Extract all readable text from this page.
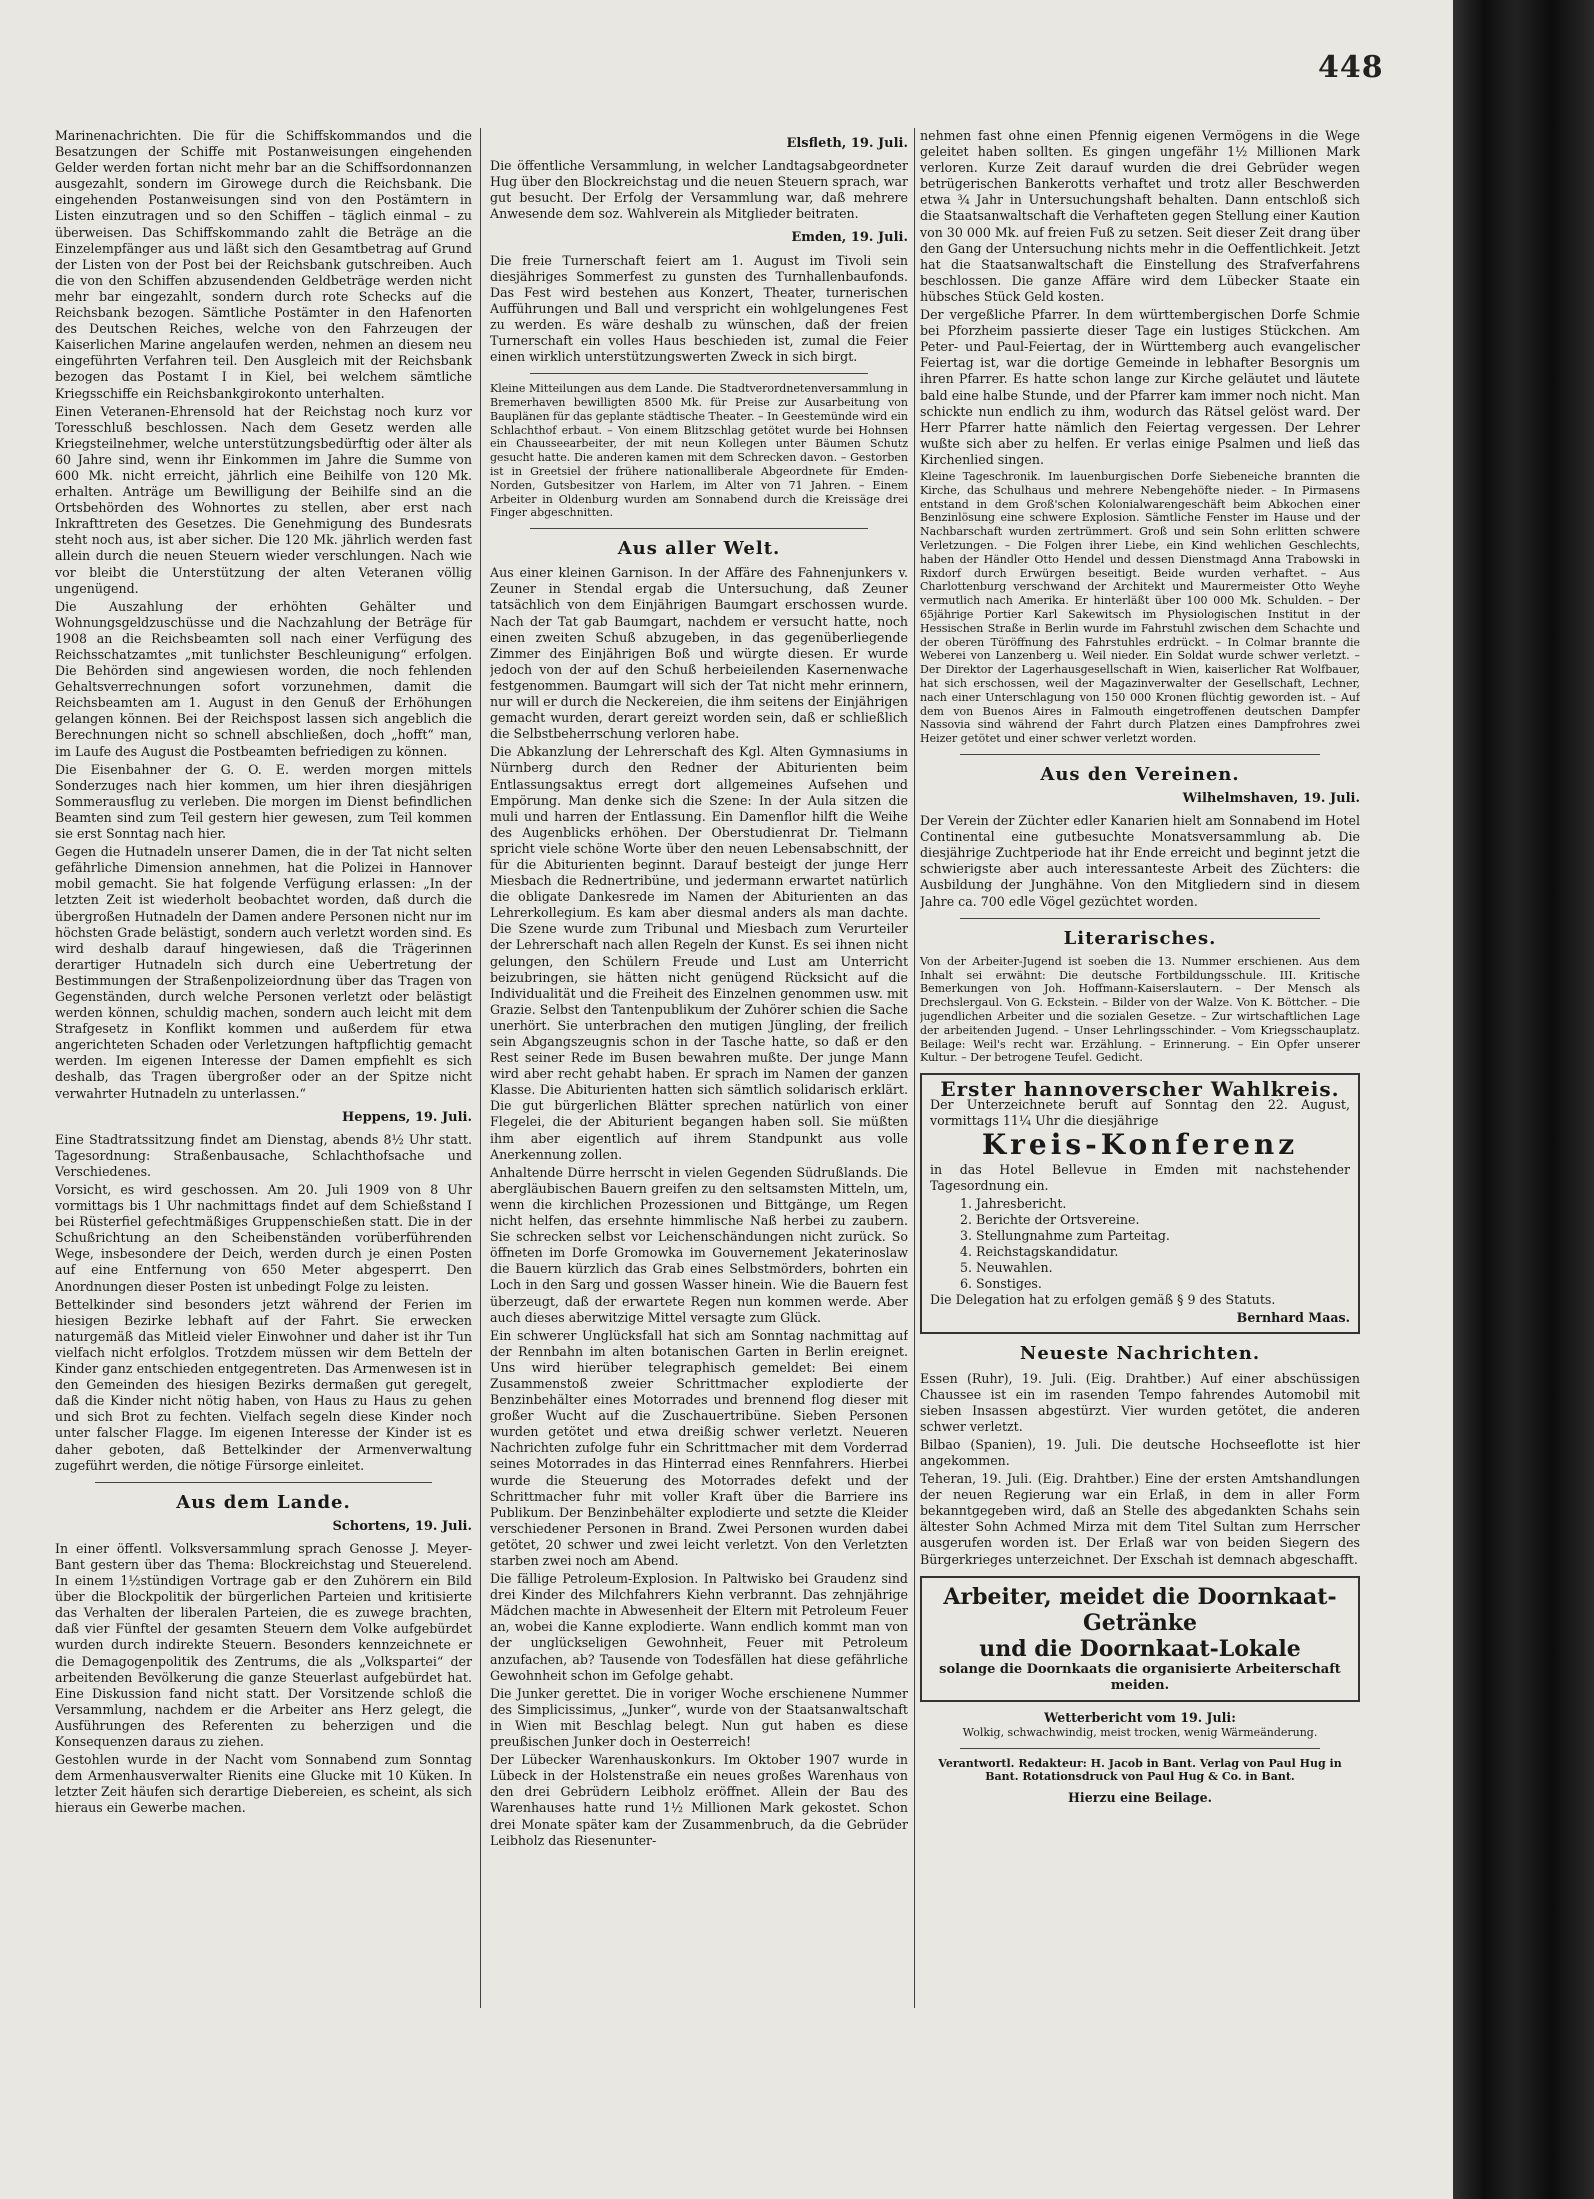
448

Marinenachrichten. Die für die Schiffskommandos und die Besatzungen der Schiffe mit Postanweisungen eingehenden Gelder werden fortan nicht mehr bar an die Schiffsordonnanzen ausgezahlt, sondern im Girowege durch die Reichsbank. Die eingehenden Postanweisungen sind von den Postämtern in Listen einzutragen und so den Schiffen – täglich einmal – zu überweisen. Das Schiffskommando zahlt die Beträge an die Einzelempfänger aus und läßt sich den Gesamtbetrag auf Grund der Listen von der Post bei der Reichsbank gutschreiben. Auch die von den Schiffen abzusendenden Geldbeträge werden nicht mehr bar eingezahlt, sondern durch rote Schecks auf die Reichsbank bezogen. Sämtliche Postämter in den Hafenorten des Deutschen Reiches, welche von den Fahrzeugen der Kaiserlichen Marine angelaufen werden, nehmen an diesem neu eingeführten Verfahren teil. Den Ausgleich mit der Reichsbank bezogen das Postamt I in Kiel, bei welchem sämtliche Kriegsschiffe ein Reichsbankgirokonto unterhalten.

Einen Veteranen-Ehrensold hat der Reichstag noch kurz vor Toresschluß beschlossen. Nach dem Gesetz werden alle Kriegsteilnehmer, welche unterstützungsbedürftig oder älter als 60 Jahre sind, wenn ihr Einkommen im Jahre die Summe von 600 Mk. nicht erreicht, jährlich eine Beihilfe von 120 Mk. erhalten. Anträge um Bewilligung der Beihilfe sind an die Ortsbehörden des Wohnortes zu stellen, aber erst nach Inkrafttreten des Gesetzes. Die Genehmigung des Bundesrats steht noch aus, ist aber sicher. Die 120 Mk. jährlich werden fast allein durch die neuen Steuern wieder verschlungen. Nach wie vor bleibt die Unterstützung der alten Veteranen völlig ungenügend.

Die Auszahlung der erhöhten Gehälter und Wohnungsgeldzuschüsse und die Nachzahlung der Beträge für 1908 an die Reichsbeamten soll nach einer Verfügung des Reichsschatzamtes „mit tunlichster Beschleunigung“ erfolgen. Die Behörden sind angewiesen worden, die noch fehlenden Gehaltsverrechnungen sofort vorzunehmen, damit die Reichsbeamten am 1. August in den Genuß der Erhöhungen gelangen können. Bei der Reichspost lassen sich angeblich die Berechnungen nicht so schnell abschließen, doch „hofft“ man, im Laufe des August die Postbeamten befriedigen zu können.

Die Eisenbahner der G. O. E. werden morgen mittels Sonderzuges nach hier kommen, um hier ihren diesjährigen Sommerausflug zu verleben. Die morgen im Dienst befindlichen Beamten sind zum Teil gestern hier gewesen, zum Teil kommen sie erst Sonntag nach hier.

Gegen die Hutnadeln unserer Damen, die in der Tat nicht selten gefährliche Dimension annehmen, hat die Polizei in Hannover mobil gemacht. Sie hat folgende Verfügung erlassen: „In der letzten Zeit ist wiederholt beobachtet worden, daß durch die übergroßen Hutnadeln der Damen andere Personen nicht nur im höchsten Grade belästigt, sondern auch verletzt worden sind. Es wird deshalb darauf hingewiesen, daß die Trägerinnen derartiger Hutnadeln sich durch eine Uebertretung der Bestimmungen der Straßenpolizeiordnung über das Tragen von Gegenständen, durch welche Personen verletzt oder belästigt werden können, schuldig machen, sondern auch leicht mit dem Strafgesetz in Konflikt kommen und außerdem für etwa angerichteten Schaden oder Verletzungen haftpflichtig gemacht werden. Im eigenen Interesse der Damen empfiehlt es sich deshalb, das Tragen übergroßer oder an der Spitze nicht verwahrter Hutnadeln zu unterlassen.“

Heppens, 19. Juli.

Eine Stadtratssitzung findet am Dienstag, abends 8½ Uhr statt. Tagesordnung: Straßenbausache, Schlachthofsache und Verschiedenes.

Vorsicht, es wird geschossen. Am 20. Juli 1909 von 8 Uhr vormittags bis 1 Uhr nachmittags findet auf dem Schießstand I bei Rüsterfiel gefechtmäßiges Gruppenschießen statt. Die in der Schußrichtung an den Scheibenständen vorüberführenden Wege, insbesondere der Deich, werden durch je einen Posten auf eine Entfernung von 650 Meter abgesperrt. Den Anordnungen dieser Posten ist unbedingt Folge zu leisten.

Bettelkinder sind besonders jetzt während der Ferien im hiesigen Bezirke lebhaft auf der Fahrt. Sie erwecken naturgemäß das Mitleid vieler Einwohner und daher ist ihr Tun vielfach nicht erfolglos. Trotzdem müssen wir dem Betteln der Kinder ganz entschieden entgegentreten. Das Armenwesen ist in den Gemeinden des hiesigen Bezirks dermaßen gut geregelt, daß die Kinder nicht nötig haben, von Haus zu Haus zu gehen und sich Brot zu fechten. Vielfach segeln diese Kinder noch unter falscher Flagge. Im eigenen Interesse der Kinder ist es daher geboten, daß Bettelkinder der Armenverwaltung zugeführt werden, die nötige Fürsorge einleitet.

Aus dem Lande.
Schortens, 19. Juli.

In einer öffentl. Volksversammlung sprach Genosse J. Meyer-Bant gestern über das Thema: Blockreichstag und Steuerelend. In einem 1½stündigen Vortrage gab er den Zuhörern ein Bild über die Blockpolitik der bürgerlichen Parteien und kritisierte das Verhalten der liberalen Parteien, die es zuwege brachten, daß vier Fünftel der gesamten Steuern dem Volke aufgebürdet wurden durch indirekte Steuern. Besonders kennzeichnete er die Demagogenpolitik des Zentrums, die als „Volkspartei“ der arbeitenden Bevölkerung die ganze Steuerlast aufgebürdet hat. Eine Diskussion fand nicht statt. Der Vorsitzende schloß die Versammlung, nachdem er die Arbeiter ans Herz gelegt, die Ausführungen des Referenten zu beherzigen und die Konsequenzen daraus zu ziehen.

Gestohlen wurde in der Nacht vom Sonnabend zum Sonntag dem Armenhausverwalter Rienits eine Glucke mit 10 Küken. In letzter Zeit häufen sich derartige Diebereien, es scheint, als sich hieraus ein Gewerbe machen.

Elsfleth, 19. Juli.

Die öffentliche Versammlung, in welcher Landtagsabgeordneter Hug über den Blockreichstag und die neuen Steuern sprach, war gut besucht. Der Erfolg der Versammlung war, daß mehrere Anwesende dem soz. Wahlverein als Mitglieder beitraten.

Emden, 19. Juli.

Die freie Turnerschaft feiert am 1. August im Tivoli sein diesjähriges Sommerfest zu gunsten des Turnhallenbaufonds. Das Fest wird bestehen aus Konzert, Theater, turnerischen Aufführungen und Ball und verspricht ein wohlgelungenes Fest zu werden. Es wäre deshalb zu wünschen, daß der freien Turnerschaft ein volles Haus beschieden ist, zumal die Feier einen wirklich unterstützungswerten Zweck in sich birgt.

Kleine Mitteilungen aus dem Lande. Die Stadtverordnetenversammlung in Bremerhaven bewilligten 8500 Mk. für Preise zur Ausarbeitung von Bauplänen für das geplante städtische Theater. – In Geestemünde wird ein Schlachthof erbaut. – Von einem Blitzschlag getötet wurde bei Hohnsen ein Chausseearbeiter, der mit neun Kollegen unter Bäumen Schutz gesucht hatte. Die anderen kamen mit dem Schrecken davon. – Gestorben ist in Greetsiel der frühere nationalliberale Abgeordnete für Emden-Norden, Gutsbesitzer von Harlem, im Alter von 71 Jahren. – Einem Arbeiter in Oldenburg wurden am Sonnabend durch die Kreissäge drei Finger abgeschnitten.

Aus aller Welt.

Aus einer kleinen Garnison. In der Affäre des Fahnenjunkers v. Zeuner in Stendal ergab die Untersuchung, daß Zeuner tatsächlich von dem Einjährigen Baumgart erschossen wurde. Nach der Tat gab Baumgart, nachdem er versucht hatte, noch einen zweiten Schuß abzugeben, in das gegenüberliegende Zimmer des Einjährigen Boß und würgte diesen. Er wurde jedoch von der auf den Schuß herbeieilenden Kasernenwache festgenommen. Baumgart will sich der Tat nicht mehr erinnern, nur will er durch die Neckereien, die ihm seitens der Einjährigen gemacht wurden, derart gereizt worden sein, daß er schließlich die Selbstbeherrschung verloren habe.

Die Abkanzlung der Lehrerschaft des Kgl. Alten Gymnasiums in Nürnberg durch den Redner der Abiturienten beim Entlassungsaktus erregt dort allgemeines Aufsehen und Empörung. Man denke sich die Szene: In der Aula sitzen die muli und harren der Entlassung. Ein Damenflor hilft die Weihe des Augenblicks erhöhen. Der Oberstudienrat Dr. Tielmann spricht viele schöne Worte über den neuen Lebensabschnitt, der für die Abiturienten beginnt. Darauf besteigt der junge Herr Miesbach die Rednertribüne, und jedermann erwartet natürlich die obligate Dankesrede im Namen der Abiturienten an das Lehrerkollegium. Es kam aber diesmal anders als man dachte. Die Szene wurde zum Tribunal und Miesbach zum Verurteiler der Lehrerschaft nach allen Regeln der Kunst. Es sei ihnen nicht gelungen, den Schülern Freude und Lust am Unterricht beizubringen, sie hätten nicht genügend Rücksicht auf die Individualität und die Freiheit des Einzelnen genommen usw. mit Grazie. Selbst den Tantenpublikum der Zuhörer schien die Sache unerhört. Sie unterbrachen den mutigen Jüngling, der freilich sein Abgangszeugnis schon in der Tasche hatte, so daß er den Rest seiner Rede im Busen bewahren mußte. Der junge Mann wird aber recht gehabt haben. Er sprach im Namen der ganzen Klasse. Die Abiturienten hatten sich sämtlich solidarisch erklärt. Die gut bürgerlichen Blätter sprechen natürlich von einer Flegelei, die der Abiturient begangen haben soll. Sie müßten ihm aber eigentlich auf ihrem Standpunkt aus volle Anerkennung zollen.

Anhaltende Dürre herrscht in vielen Gegenden Südrußlands. Die abergläubischen Bauern greifen zu den seltsamsten Mitteln, um, wenn die kirchlichen Prozessionen und Bittgänge, um Regen nicht helfen, das ersehnte himmlische Naß herbei zu zaubern. Sie schrecken selbst vor Leichenschändungen nicht zurück. So öffneten im Dorfe Gromowka im Gouvernement Jekaterinoslaw die Bauern kürzlich das Grab eines Selbstmörders, bohrten ein Loch in den Sarg und gossen Wasser hinein. Wie die Bauern fest überzeugt, daß der erwartete Regen nun kommen werde. Aber auch dieses aberwitzige Mittel versagte zum Glück.

Ein schwerer Unglücksfall hat sich am Sonntag nachmittag auf der Rennbahn im alten botanischen Garten in Berlin ereignet. Uns wird hierüber telegraphisch gemeldet: Bei einem Zusammenstoß zweier Schrittmacher explodierte der Benzinbehälter eines Motorrades und brennend flog dieser mit großer Wucht auf die Zuschauertribüne. Sieben Personen wurden getötet und etwa dreißig schwer verletzt. Neueren Nachrichten zufolge fuhr ein Schrittmacher mit dem Vorderrad seines Motorrades in das Hinterrad eines Rennfahrers. Hierbei wurde die Steuerung des Motorrades defekt und der Schrittmacher fuhr mit voller Kraft über die Barriere ins Publikum. Der Benzinbehälter explodierte und setzte die Kleider verschiedener Personen in Brand. Zwei Personen wurden dabei getötet, 20 schwer und zwei leicht verletzt. Von den Verletzten starben zwei noch am Abend.

Die fällige Petroleum-Explosion. In Paltwisko bei Graudenz sind drei Kinder des Milchfahrers Kiehn verbrannt. Das zehnjährige Mädchen machte in Abwesenheit der Eltern mit Petroleum Feuer an, wobei die Kanne explodierte. Wann endlich kommt man von der unglückseligen Gewohnheit, Feuer mit Petroleum anzufachen, ab? Tausende von Todesfällen hat diese gefährliche Gewohnheit schon im Gefolge gehabt.

Die Junker gerettet. Die in voriger Woche erschienene Nummer des Simplicissimus, „Junker“, wurde von der Staatsanwaltschaft in Wien mit Beschlag belegt. Nun gut haben es diese preußischen Junker doch in Oesterreich!

Der Lübecker Warenhauskonkurs. Im Oktober 1907 wurde in Lübeck in der Holstenstraße ein neues großes Warenhaus von den drei Gebrüdern Leibholz eröffnet. Allein der Bau des Warenhauses hatte rund 1½ Millionen Mark gekostet. Schon drei Monate später kam der Zusammenbruch, da die Gebrüder Leibholz das Riesenunter-

nehmen fast ohne einen Pfennig eigenen Vermögens in die Wege geleitet haben sollten. Es gingen ungefähr 1½ Millionen Mark verloren. Kurze Zeit darauf wurden die drei Gebrüder wegen betrügerischen Bankerotts verhaftet und trotz aller Beschwerden etwa ¾ Jahr in Untersuchungshaft behalten. Dann entschloß sich die Staatsanwaltschaft die Verhafteten gegen Stellung einer Kaution von 30 000 Mk. auf freien Fuß zu setzen. Seit dieser Zeit drang über den Gang der Untersuchung nichts mehr in die Oeffentlichkeit. Jetzt hat die Staatsanwaltschaft die Einstellung des Strafverfahrens beschlossen. Die ganze Affäre wird dem Lübecker Staate ein hübsches Stück Geld kosten.

Der vergeßliche Pfarrer. In dem württembergischen Dorfe Schmie bei Pforzheim passierte dieser Tage ein lustiges Stückchen. Am Peter- und Paul-Feiertag, der in Württemberg auch evangelischer Feiertag ist, war die dortige Gemeinde in lebhafter Besorgnis um ihren Pfarrer. Es hatte schon lange zur Kirche geläutet und läutete bald eine halbe Stunde, und der Pfarrer kam immer noch nicht. Man schickte nun endlich zu ihm, wodurch das Rätsel gelöst ward. Der Herr Pfarrer hatte nämlich den Feiertag vergessen. Der Lehrer wußte sich aber zu helfen. Er verlas einige Psalmen und ließ das Kirchenlied singen.

Kleine Tageschronik. Im lauenburgischen Dorfe Siebeneiche brannten die Kirche, das Schulhaus und mehrere Nebengehöfte nieder. – In Pirmasens entstand in dem Groß'schen Kolonialwarengeschäft beim Abkochen einer Benzinlösung eine schwere Explosion. Sämtliche Fenster im Hause und der Nachbarschaft wurden zertrümmert. Groß und sein Sohn erlitten schwere Verletzungen. – Die Folgen ihrer Liebe, ein Kind wehlichen Geschlechts, haben der Händler Otto Hendel und dessen Dienstmagd Anna Trabowski in Rixdorf durch Erwürgen beseitigt. Beide wurden verhaftet. – Aus Charlottenburg verschwand der Architekt und Maurermeister Otto Weyhe vermutlich nach Amerika. Er hinterläßt über 100 000 Mk. Schulden. – Der 65jährige Portier Karl Sakewitsch im Physiologischen Institut in der Hessischen Straße in Berlin wurde im Fahrstuhl zwischen dem Schachte und der oberen Türöffnung des Fahrstuhles erdrückt. – In Colmar brannte die Weberei von Lanzenberg u. Weil nieder. Ein Soldat wurde schwer verletzt. – Der Direktor der Lagerhausgesellschaft in Wien, kaiserlicher Rat Wolfbauer, hat sich erschossen, weil der Magazinverwalter der Gesellschaft, Lechner, nach einer Unterschlagung von 150 000 Kronen flüchtig geworden ist. – Auf dem von Buenos Aires in Falmouth eingetroffenen deutschen Dampfer Nassovia sind während der Fahrt durch Platzen eines Dampfrohres zwei Heizer getötet und einer schwer verletzt worden.

Aus den Vereinen.
Wilhelmshaven, 19. Juli.

Der Verein der Züchter edler Kanarien hielt am Sonnabend im Hotel Continental eine gutbesuchte Monatsversammlung ab. Die diesjährige Zuchtperiode hat ihr Ende erreicht und beginnt jetzt die schwierigste aber auch interessanteste Arbeit des Züchters: die Ausbildung der Junghähne. Von den Mitgliedern sind in diesem Jahre ca. 700 edle Vögel gezüchtet worden.

Literarisches.

Von der Arbeiter-Jugend ist soeben die 13. Nummer erschienen. Aus dem Inhalt sei erwähnt: Die deutsche Fortbildungsschule. III. Kritische Bemerkungen von Joh. Hoffmann-Kaiserslautern. – Der Mensch als Drechslergaul. Von G. Eckstein. – Bilder von der Walze. Von K. Böttcher. – Die jugendlichen Arbeiter und die sozialen Gesetze. – Zur wirtschaftlichen Lage der arbeitenden Jugend. – Unser Lehrlingsschinder. – Vom Kriegsschauplatz. Beilage: Weil's recht war. Erzählung. – Erinnerung. – Ein Opfer unserer Kultur. – Der betrogene Teufel. Gedicht.

Erster hannoverscher Wahlkreis.

Der Unterzeichnete beruft auf Sonntag den 22. August, vormittags 11¼ Uhr die diesjährige

Kreis-Konferenz

in das Hotel Bellevue in Emden mit nachstehender Tagesordnung ein.

1. Jahresbericht.
2. Berichte der Ortsvereine.
3. Stellungnahme zum Parteitag.
4. Reichstagskandidatur.
5. Neuwahlen.
6. Sonstiges.

Die Delegation hat zu erfolgen gemäß § 9 des Statuts.

Bernhard Maas.
Neueste Nachrichten.

Essen (Ruhr), 19. Juli. (Eig. Drahtber.) Auf einer abschüssigen Chaussee ist ein im rasenden Tempo fahrendes Automobil mit sieben Insassen abgestürzt. Vier wurden getötet, die anderen schwer verletzt.

Bilbao (Spanien), 19. Juli. Die deutsche Hochseeflotte ist hier angekommen.

Teheran, 19. Juli. (Eig. Drahtber.) Eine der ersten Amtshandlungen der neuen Regierung war ein Erlaß, in dem in aller Form bekanntgegeben wird, daß an Stelle des abgedankten Schahs sein ältester Sohn Achmed Mirza mit dem Titel Sultan zum Herrscher ausgerufen worden ist. Der Erlaß war von beiden Siegern des Bürgerkrieges unterzeichnet. Der Exschah ist demnach abgeschafft.

Arbeiter, meidet die Doornkaat-Getränke
und die Doornkaat-Lokale
solange die Doornkaats die organisierte Arbeiterschaft meiden.
Wetterbericht vom 19. Juli:
Wolkig, schwachwindig, meist trocken, wenig Wärmeänderung.
Verantwortl. Redakteur: H. Jacob in Bant. Verlag von Paul Hug in Bant. Rotationsdruck von Paul Hug & Co. in Bant.
Hierzu eine Beilage.
